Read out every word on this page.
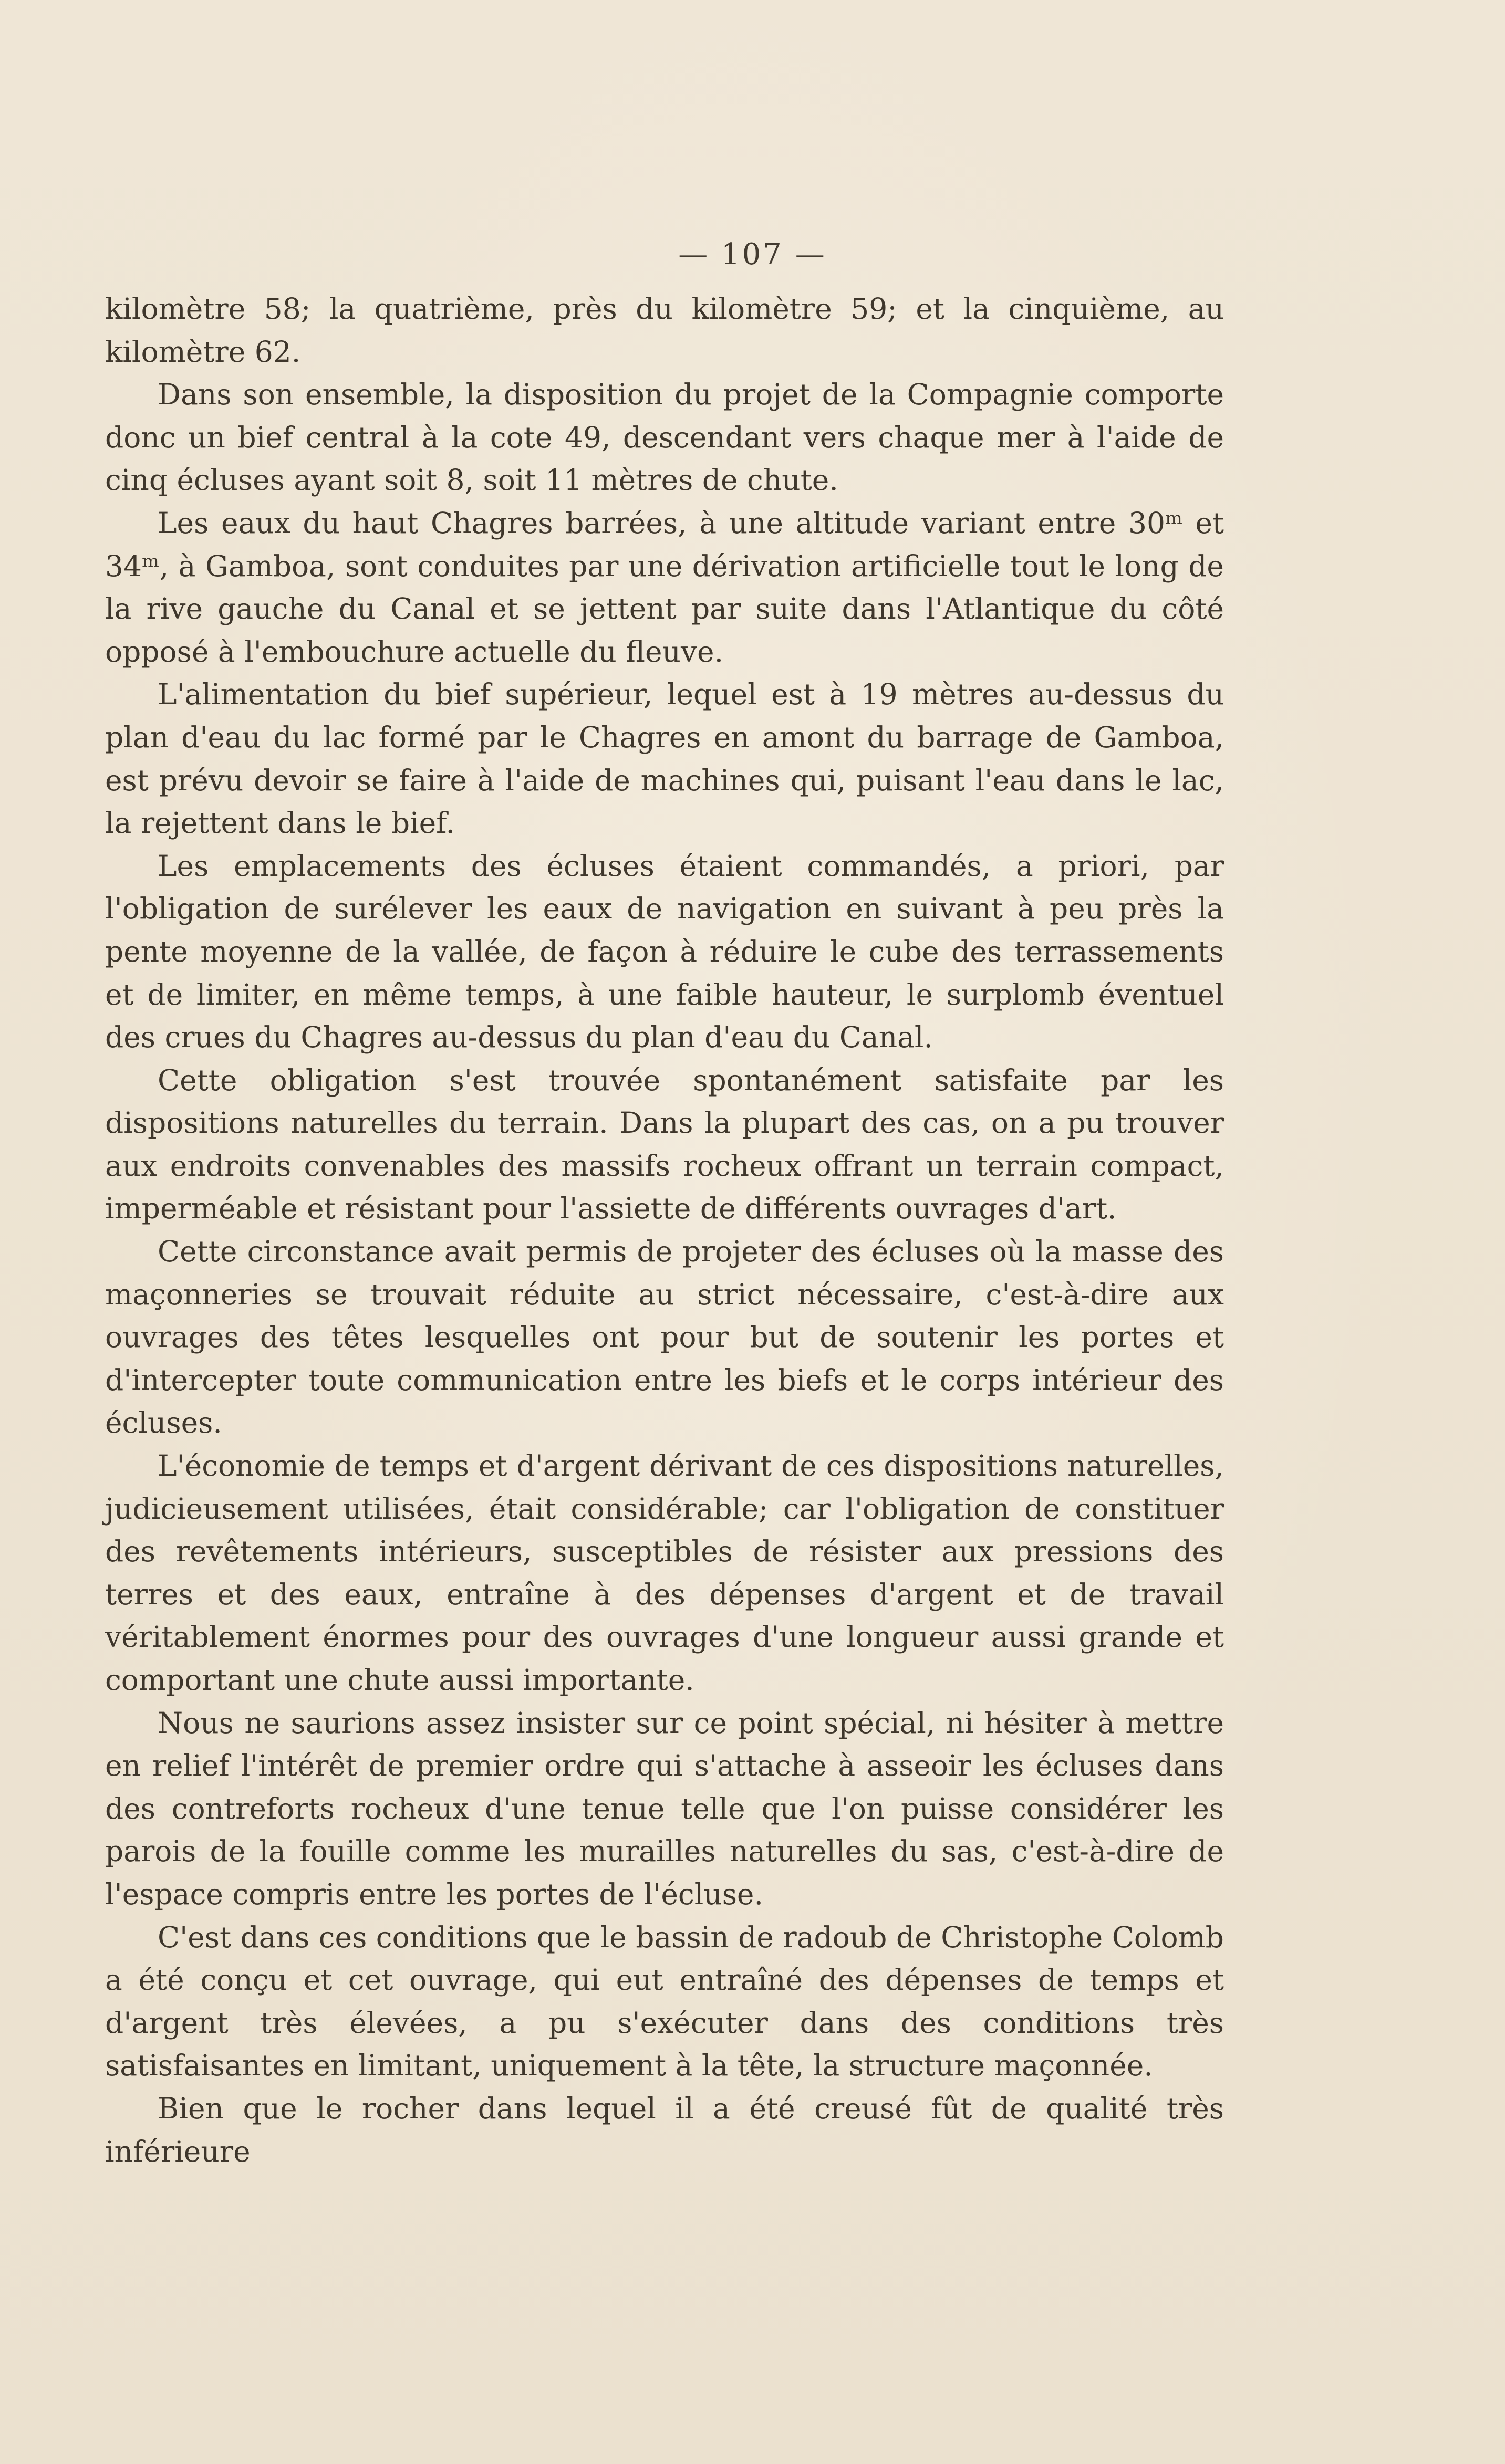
— 107 —

kilomètre 58; la quatrième, près du kilomètre 59; et la cinquième, au kilomètre 62.

Dans son ensemble, la disposition du projet de la Compagnie comporte donc un bief central à la cote 49, descendant vers chaque mer à l'aide de cinq écluses ayant soit 8, soit 11 mètres de chute.

Les eaux du haut Chagres barrées, à une altitude variant entre 30ᵐ et 34ᵐ, à Gamboa, sont conduites par une dérivation artificielle tout le long de la rive gauche du Canal et se jettent par suite dans l'Atlantique du côté opposé à l'embouchure actuelle du fleuve.

L'alimentation du bief supérieur, lequel est à 19 mètres au-dessus du plan d'eau du lac formé par le Chagres en amont du barrage de Gamboa, est prévu devoir se faire à l'aide de machines qui, puisant l'eau dans le lac, la rejettent dans le bief.

Les emplacements des écluses étaient commandés, a priori, par l'obligation de surélever les eaux de navigation en suivant à peu près la pente moyenne de la vallée, de façon à réduire le cube des terrassements et de limiter, en même temps, à une faible hauteur, le surplomb éventuel des crues du Chagres au-dessus du plan d'eau du Canal.

Cette obligation s'est trouvée spontanément satisfaite par les dispositions naturelles du terrain. Dans la plupart des cas, on a pu trouver aux endroits convenables des massifs rocheux offrant un terrain compact, imperméable et résistant pour l'assiette de différents ouvrages d'art.

Cette circonstance avait permis de projeter des écluses où la masse des maçonneries se trouvait réduite au strict nécessaire, c'est-à-dire aux ouvrages des têtes lesquelles ont pour but de soutenir les portes et d'intercepter toute communication entre les biefs et le corps intérieur des écluses.

L'économie de temps et d'argent dérivant de ces dispositions naturelles, judicieusement utilisées, était considérable; car l'obligation de constituer des revêtements intérieurs, susceptibles de résister aux pressions des terres et des eaux, entraîne à des dépenses d'argent et de travail véritablement énormes pour des ouvrages d'une longueur aussi grande et comportant une chute aussi importante.

Nous ne saurions assez insister sur ce point spécial, ni hésiter à mettre en relief l'intérêt de premier ordre qui s'attache à asseoir les écluses dans des contreforts rocheux d'une tenue telle que l'on puisse considérer les parois de la fouille comme les murailles naturelles du sas, c'est-à-dire de l'espace compris entre les portes de l'écluse.

C'est dans ces conditions que le bassin de radoub de Christophe Colomb a été conçu et cet ouvrage, qui eut entraîné des dépenses de temps et d'argent très élevées, a pu s'exécuter dans des conditions très satisfaisantes en limitant, uniquement à la tête, la structure maçonnée.

Bien que le rocher dans lequel il a été creusé fût de qualité très inférieure
